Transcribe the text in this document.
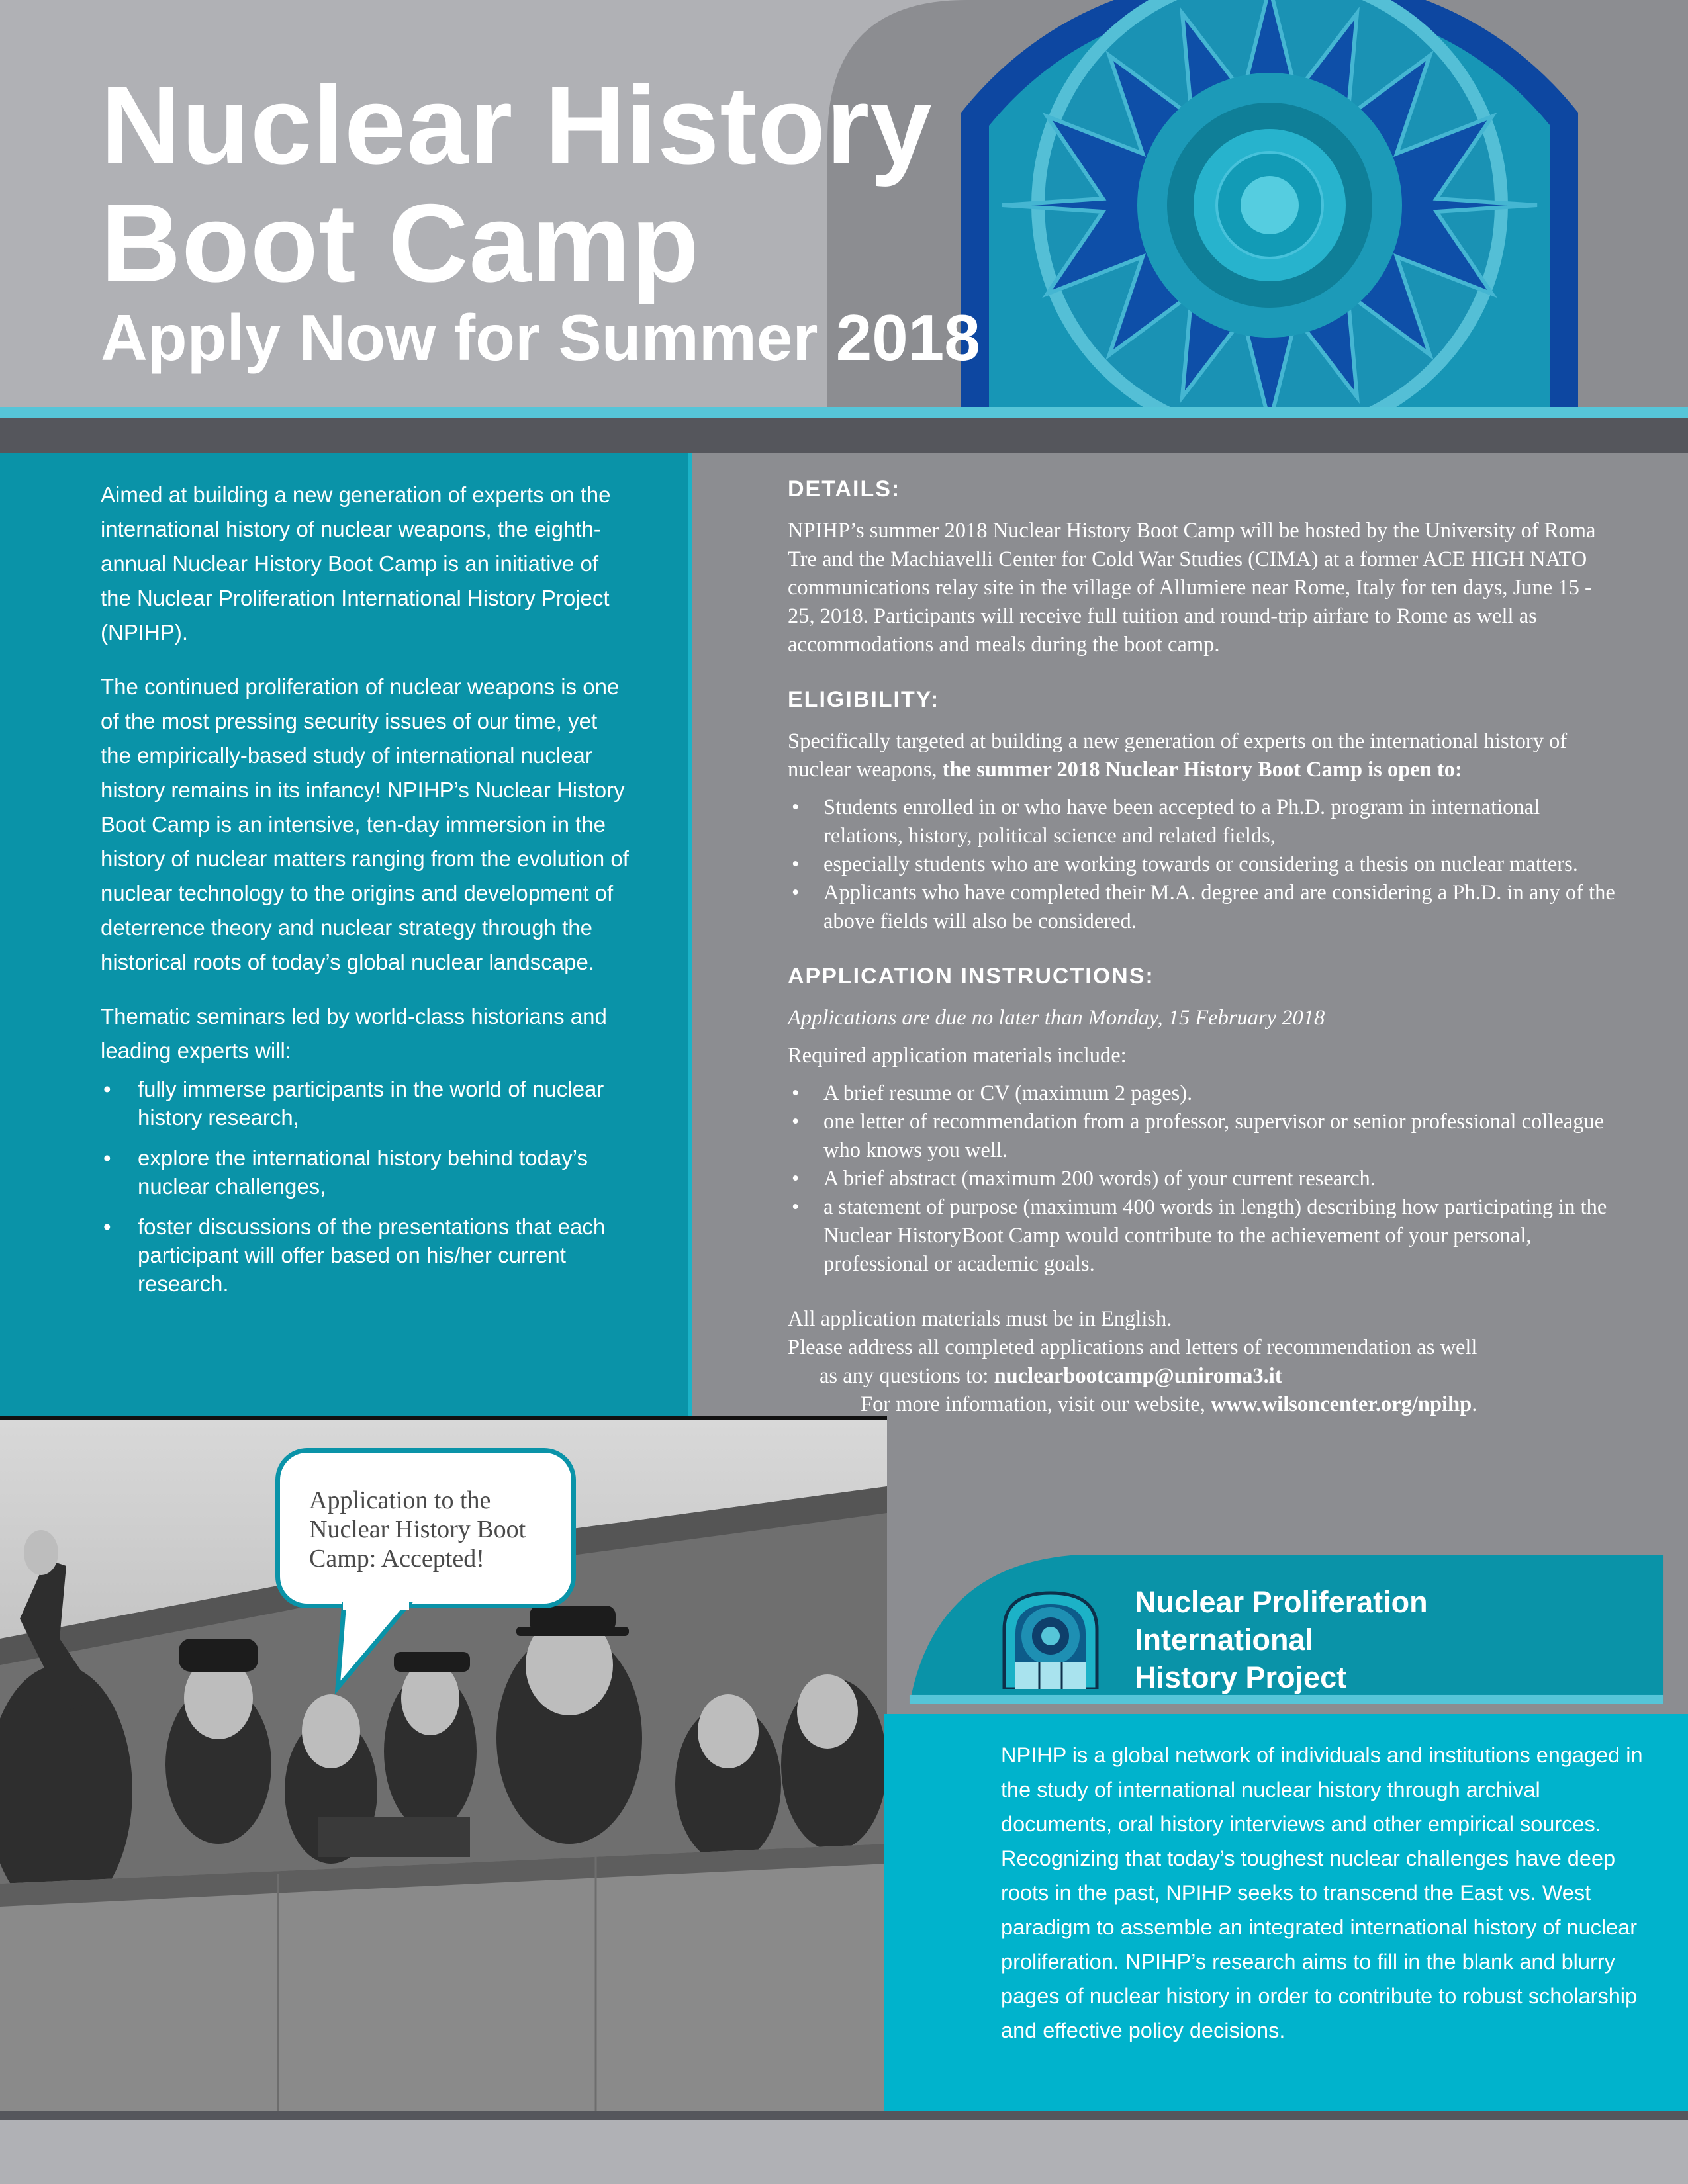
Nuclear History
Boot Camp
Apply Now for Summer 2018

Aimed at building a new generation of experts on the international history of nuclear weapons, the eighth-annual Nuclear History Boot Camp is an initiative of the Nuclear Proliferation International History Project (NPIHP).

The continued proliferation of nuclear weapons is one of the most pressing security issues of our time, yet the empirically-based study of international nuclear history remains in its infancy! NPIHP’s Nuclear History Boot Camp is an intensive, ten-day immersion in the history of nuclear matters ranging from the evolution of nuclear technology to the origins and development of deterrence theory and nuclear strategy through the historical roots of today’s global nuclear landscape.

Thematic seminars led by world-class historians and leading experts will:

• fully immerse participants in the world of nuclear history research,
• explore the international history behind today’s nuclear challenges,
• foster discussions of the presentations that each participant will offer based on his/her current research.
DETAILS:
NPIHP’s summer 2018 Nuclear History Boot Camp will be hosted by the University of Roma Tre and the Machiavelli Center for Cold War Studies (CIMA) at a former ACE HIGH NATO communications relay site in the village of Allumiere near Rome, Italy for ten days, June 15 - 25, 2018. Participants will receive full tuition and round-trip airfare to Rome as well as accommodations and meals during the boot camp.
ELIGIBILITY:
Specifically targeted at building a new generation of experts on the international history of nuclear weapons, the summer 2018 Nuclear History Boot Camp is open to:
• Students enrolled in or who have been accepted to a Ph.D. program in international relations, history, political science and related fields,
• especially students who are working towards or considering a thesis on nuclear matters.
• Applicants who have completed their M.A. degree and are considering a Ph.D. in any of the above fields will also be considered.
APPLICATION INSTRUCTIONS:
Applications are due no later than Monday, 15 February 2018
Required application materials include:
• A brief resume or CV (maximum 2 pages).
• one letter of recommendation from a professor, supervisor or senior professional colleague who knows you well.
• A brief abstract (maximum 200 words) of your current research.
• a statement of purpose (maximum 400 words in length) describing how participating in the Nuclear HistoryBoot Camp would contribute to the achievement of your personal, professional or academic goals.
All application materials must be in English.
Please address all completed applications and letters of recommendation as well
as any questions to: nuclearbootcamp@uniroma3.it
For more information, visit our website, www.wilsoncenter.org/npihp.
Application to the Nuclear History Boot Camp: Accepted!
Nuclear Proliferation
International
History Project
NPIHP is a global network of individuals and institutions engaged in the study of international nuclear history through archival documents, oral history interviews and other empirical sources. Recognizing that today’s toughest nuclear challenges have deep roots in the past, NPIHP seeks to transcend the East vs. West paradigm to assemble an integrated international history of nuclear proliferation. NPIHP’s research aims to fill in the blank and blurry pages of nuclear history in order to contribute to robust scholarship and effective policy decisions.
